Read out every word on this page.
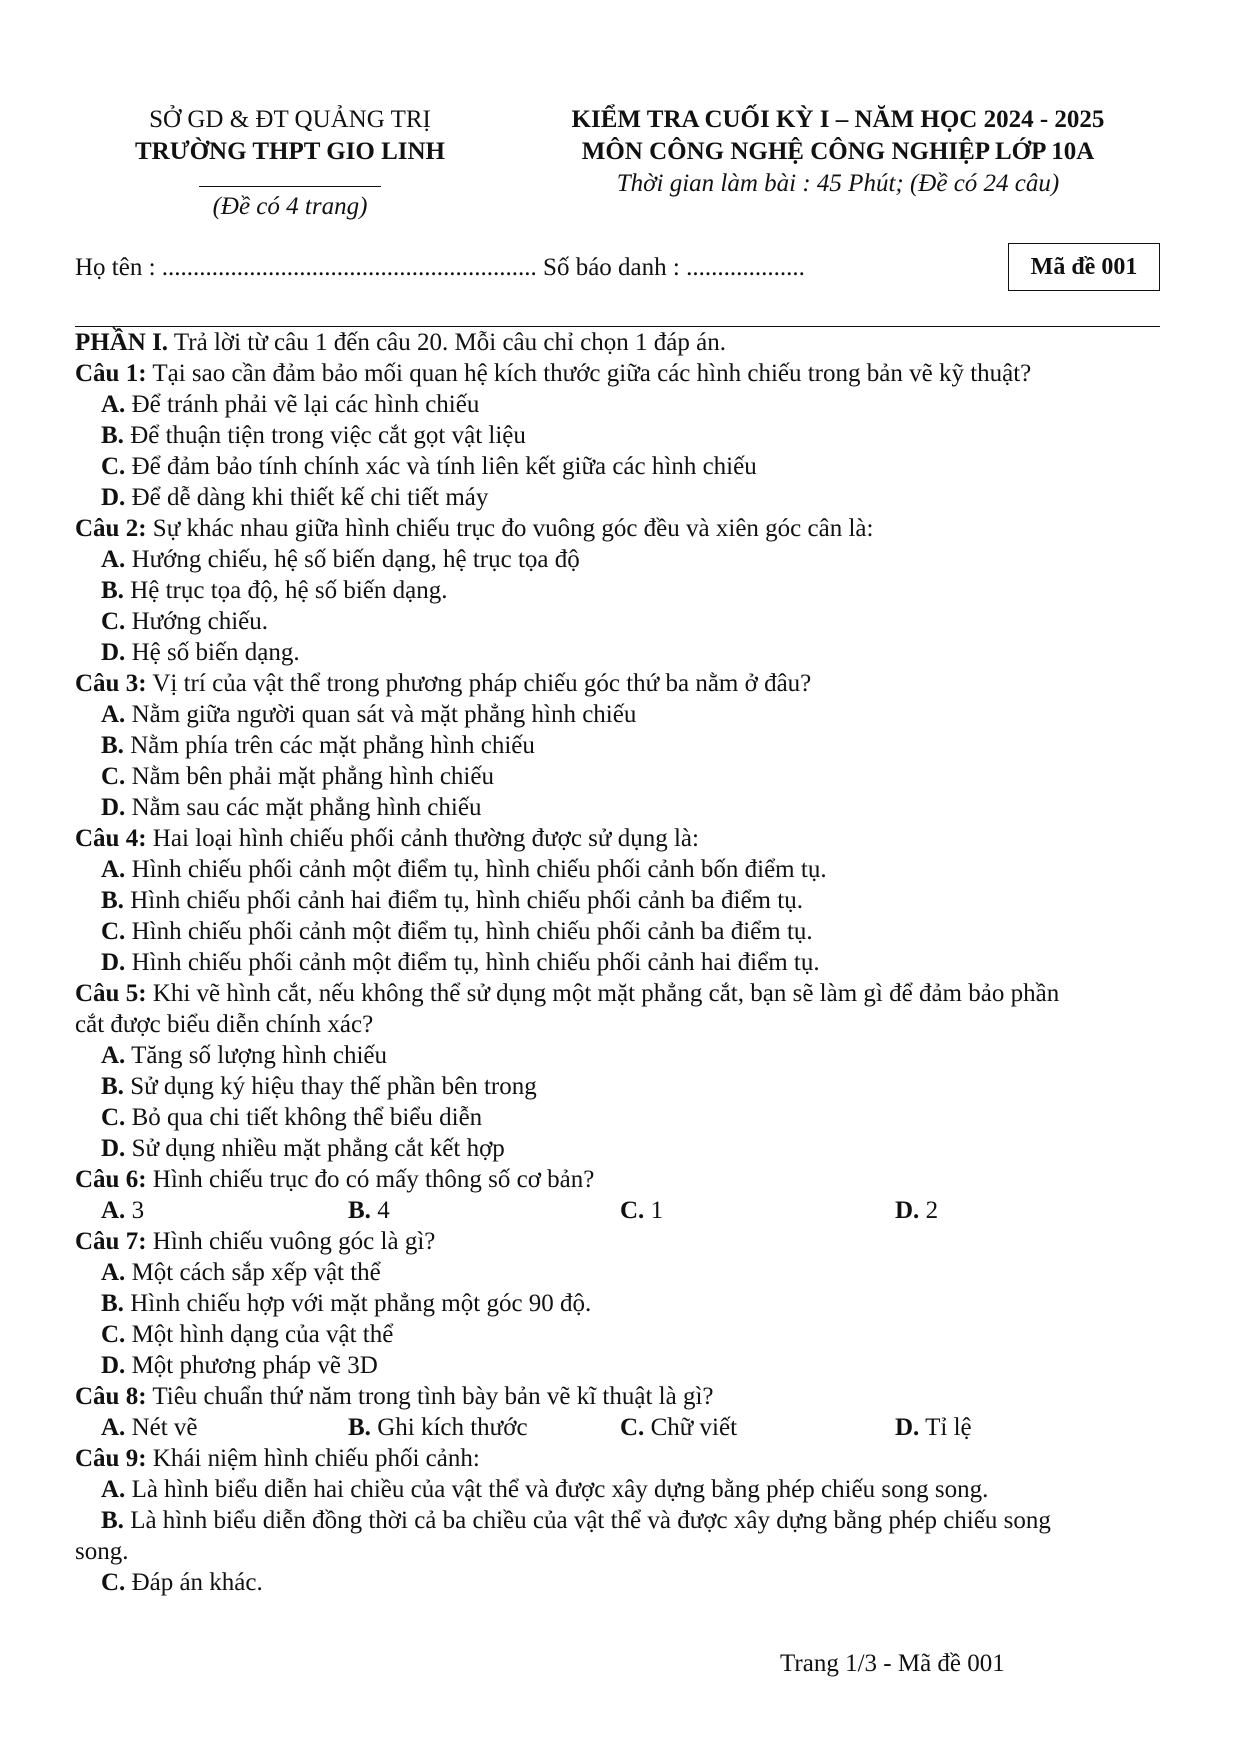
SỞ GD & ĐT QUẢNG TRỊ
TRƯỜNG THPT GIO LINH
(Đề có 4 trang)
KIỂM TRA CUỐI KỲ I – NĂM HỌC 2024 - 2025
MÔN CÔNG NGHỆ CÔNG NGHIỆP LỚP 10A
Thời gian làm bài : 45 Phút; (Đề có 24 câu)
Họ tên : ............................................................ Số báo danh : ...................	Mã đề 001
PHẦN I. Trả lời từ câu 1 đến câu 20. Mỗi câu chỉ chọn 1 đáp án.
Câu 1: Tại sao cần đảm bảo mối quan hệ kích thước giữa các hình chiếu trong bản vẽ kỹ thuật?
A. Để tránh phải vẽ lại các hình chiếu
B. Để thuận tiện trong việc cắt gọt vật liệu
C. Để đảm bảo tính chính xác và tính liên kết giữa các hình chiếu
D. Để dễ dàng khi thiết kế chi tiết máy
Câu 2: Sự khác nhau giữa hình chiếu trục đo vuông góc đều và xiên góc cân là:
A. Hướng chiếu, hệ số biến dạng, hệ trục tọa độ
B. Hệ trục tọa độ, hệ số biến dạng.
C. Hướng chiếu.
D. Hệ số biến dạng.
Câu 3: Vị trí của vật thể trong phương pháp chiếu góc thứ ba nằm ở đâu?
A. Nằm giữa người quan sát và mặt phẳng hình chiếu
B. Nằm phía trên các mặt phẳng hình chiếu
C. Nằm bên phải mặt phẳng hình chiếu
D. Nằm sau các mặt phẳng hình chiếu
Câu 4: Hai loại hình chiếu phối cảnh thường được sử dụng là:
A. Hình chiếu phối cảnh một điểm tụ, hình chiếu phối cảnh bốn điểm tụ.
B. Hình chiếu phối cảnh hai điểm tụ, hình chiếu phối cảnh ba điểm tụ.
C. Hình chiếu phối cảnh một điểm tụ, hình chiếu phối cảnh ba điểm tụ.
D. Hình chiếu phối cảnh một điểm tụ, hình chiếu phối cảnh hai điểm tụ.
Câu 5: Khi vẽ hình cắt, nếu không thể sử dụng một mặt phẳng cắt, bạn sẽ làm gì để đảm bảo phần
cắt được biểu diễn chính xác?
A. Tăng số lượng hình chiếu
B. Sử dụng ký hiệu thay thế phần bên trong
C. Bỏ qua chi tiết không thể biểu diễn
D. Sử dụng nhiều mặt phẳng cắt kết hợp
Câu 6: Hình chiếu trục đo có mấy thông số cơ bản?
A. 3	B. 4	C. 1	D. 2
Câu 7: Hình chiếu vuông góc là gì?
A. Một cách sắp xếp vật thể
B. Hình chiếu hợp với mặt phẳng một góc 90 độ.
C. Một hình dạng của vật thể
D. Một phương pháp vẽ 3D
Câu 8: Tiêu chuẩn thứ năm trong tình bày bản vẽ kĩ thuật là gì?
A. Nét vẽ	B. Ghi kích thước	C. Chữ viết	D. Tỉ lệ
Câu 9: Khái niệm hình chiếu phối cảnh:
A. Là hình biểu diễn hai chiều của vật thể và được xây dựng bằng phép chiếu song song.
B. Là hình biểu diễn đồng thời cả ba chiều của vật thể và được xây dựng bằng phép chiếu song
song.
C. Đáp án khác.
Trang 1/3 - Mã đề 001
